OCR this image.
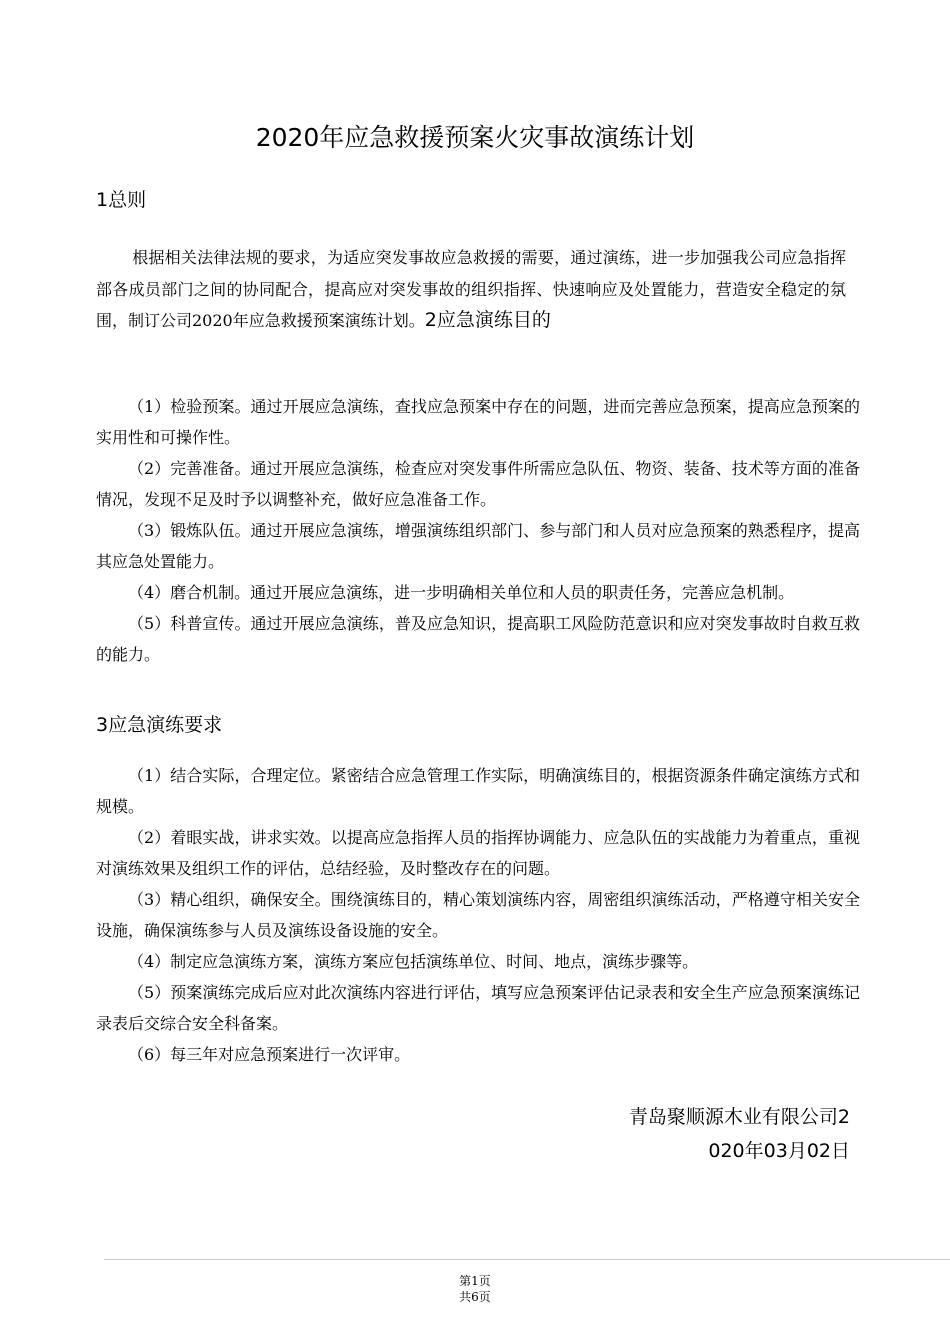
2020年应急救援预案火灾事故演练计划
1总则

根据相关法律法规的要求，为适应突发事故应急救援的需要，通过演练，进一步加强我公司应急指挥部各成员部门之间的协同配合，提高应对突发事故的组织指挥、快速响应及处置能力，营造安全稳定的氛围，制订公司2020年应急救援预案演练计划。2应急演练目的

（1）检验预案。通过开展应急演练，查找应急预案中存在的问题，进而完善应急预案，提高应急预案的实用性和可操作性。

（2）完善准备。通过开展应急演练，检查应对突发事件所需应急队伍、物资、装备、技术等方面的准备情况，发现不足及时予以调整补充，做好应急准备工作。

（3）锻炼队伍。通过开展应急演练，增强演练组织部门、参与部门和人员对应急预案的熟悉程序，提高其应急处置能力。

（4）磨合机制。通过开展应急演练，进一步明确相关单位和人员的职责任务，完善应急机制。

（5）科普宣传。通过开展应急演练，普及应急知识，提高职工风险防范意识和应对突发事故时自救互救的能力。

3应急演练要求

（1）结合实际，合理定位。紧密结合应急管理工作实际，明确演练目的，根据资源条件确定演练方式和规模。

（2）着眼实战，讲求实效。以提高应急指挥人员的指挥协调能力、应急队伍的实战能力为着重点，重视对演练效果及组织工作的评估，总结经验，及时整改存在的问题。

（3）精心组织，确保安全。围绕演练目的，精心策划演练内容，周密组织演练活动，严格遵守相关安全设施，确保演练参与人员及演练设备设施的安全。

（4）制定应急演练方案，演练方案应包括演练单位、时间、地点，演练步骤等。

（5）预案演练完成后应对此次演练内容进行评估，填写应急预案评估记录表和安全生产应急预案演练记录表后交综合安全科备案。

（6）每三年对应急预案进行一次评审。

青岛聚顺源木业有限公司2

020年03月02日

第1页
共6页
